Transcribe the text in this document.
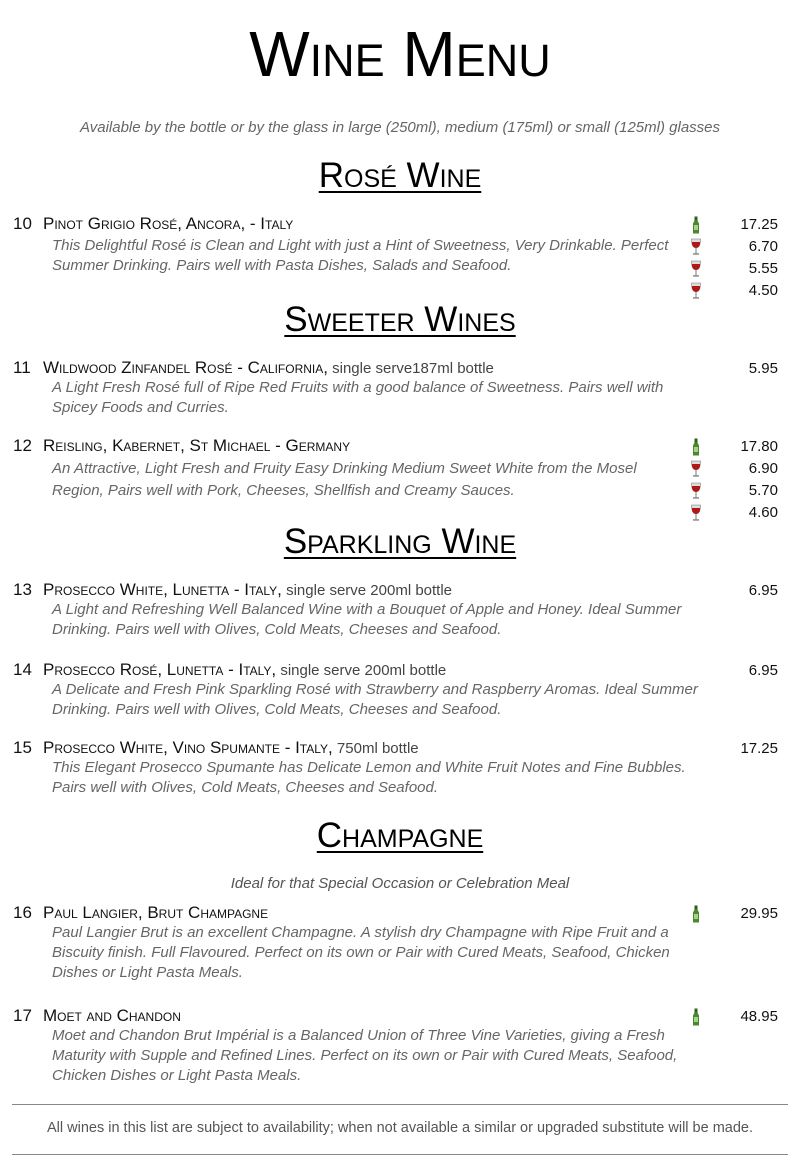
Wine Menu
Available by the bottle or by the glass in large (250ml), medium (175ml) or small (125ml) glasses
Rosé Wine
10 Pinot Grigio Rosé, Ancora, - Italy
This Delightful Rosé is Clean and Light with just a Hint of Sweetness, Very Drinkable. Perfect Summer Drinking. Pairs well with Pasta Dishes, Salads and Seafood.
17.25
6.70
5.55
4.50
Sweeter Wines
11 Wildwood Zinfandel Rosé - California, single serve187ml bottle
A Light Fresh Rosé full of Ripe Red Fruits with a good balance of Sweetness. Pairs well with Spicey Foods and Curries.
5.95
12 Reisling, Kabernet, St Michael - Germany
An Attractive, Light Fresh and Fruity Easy Drinking Medium Sweet White from the Mosel Region, Pairs well with Pork, Cheeses, Shellfish and Creamy Sauces.
17.80
6.90
5.70
4.60
Sparkling Wine
13 Prosecco White, Lunetta - Italy, single serve 200ml bottle
A Light and Refreshing Well Balanced Wine with a Bouquet of Apple and Honey. Ideal Summer Drinking. Pairs well with Olives, Cold Meats, Cheeses and Seafood.
6.95
14 Prosecco Rosé, Lunetta - Italy, single serve 200ml bottle
A Delicate and Fresh Pink Sparkling Rosé with Strawberry and Raspberry Aromas. Ideal Summer Drinking. Pairs well with Olives, Cold Meats, Cheeses and Seafood.
6.95
15 Prosecco White, Vino Spumante - Italy, 750ml bottle
This Elegant Prosecco Spumante has Delicate Lemon and White Fruit Notes and Fine Bubbles. Pairs well with Olives, Cold Meats, Cheeses and Seafood.
17.25
Champagne
Ideal for that Special Occasion or Celebration Meal
16 Paul Langier, Brut Champagne
Paul Langier Brut is an excellent Champagne. A stylish dry Champagne with Ripe Fruit and a Biscuity finish. Full Flavoured. Perfect on its own or Pair with Cured Meats, Seafood, Chicken Dishes or Light Pasta Meals.
29.95
17 Moet and Chandon
Moet and Chandon Brut Impérial is a Balanced Union of Three Vine Varieties, giving a Fresh Maturity with Supple and Refined Lines. Perfect on its own or Pair with Cured Meats, Seafood, Chicken Dishes or Light Pasta Meals.
48.95
All wines in this list are subject to availability; when not available a similar or upgraded substitute will be made.
